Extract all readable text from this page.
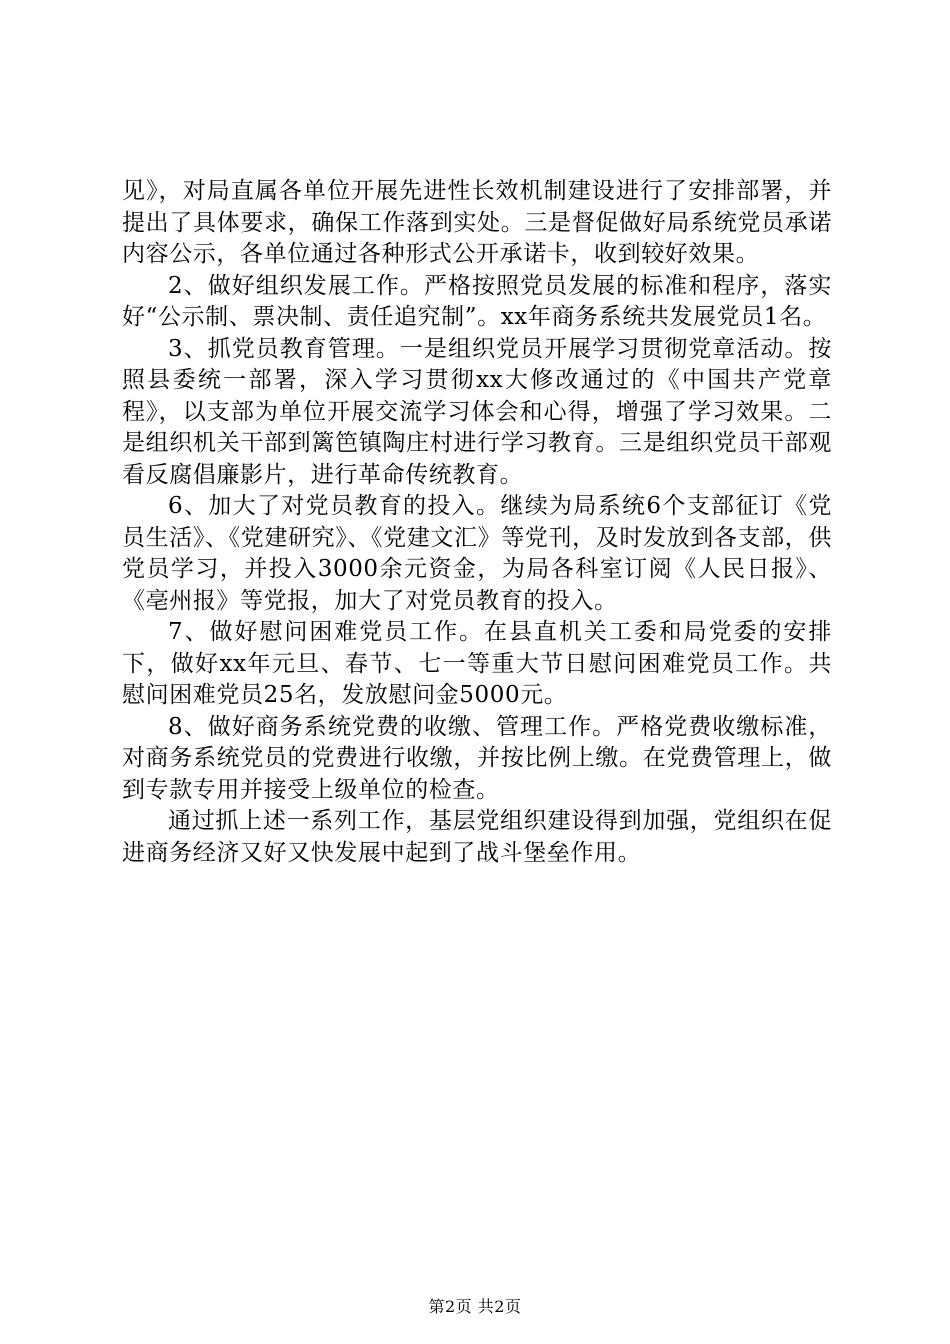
见》，对局直属各单位开展先进性长效机制建设进行了安排部署，并提出了具体要求，确保工作落到实处。三是督促做好局系统党员承诺内容公示，各单位通过各种形式公开承诺卡，收到较好效果。

2、做好组织发展工作。严格按照党员发展的标准和程序，落实好“公示制、票决制、责任追究制”。xx年商务系统共发展党员1名。

3、抓党员教育管理。一是组织党员开展学习贯彻党章活动。按照县委统一部署，深入学习贯彻xx大修改通过的《中国共产党章程》，以支部为单位开展交流学习体会和心得，增强了学习效果。二是组织机关干部到篱笆镇陶庄村进行学习教育。三是组织党员干部观看反腐倡廉影片，进行革命传统教育。

6、加大了对党员教育的投入。继续为局系统6个支部征订《党员生活》、《党建研究》、《党建文汇》等党刊，及时发放到各支部，供党员学习，并投入3000余元资金，为局各科室订阅《人民日报》、《亳州报》等党报，加大了对党员教育的投入。

7、做好慰问困难党员工作。在县直机关工委和局党委的安排下，做好xx年元旦、春节、七一等重大节日慰问困难党员工作。共慰问困难党员25名，发放慰问金5000元。

8、做好商务系统党费的收缴、管理工作。严格党费收缴标准，对商务系统党员的党费进行收缴，并按比例上缴。在党费管理上，做到专款专用并接受上级单位的检查。

通过抓上述一系列工作，基层党组织建设得到加强，党组织在促进商务经济又好又快发展中起到了战斗堡垒作用。

第2页 共2页
